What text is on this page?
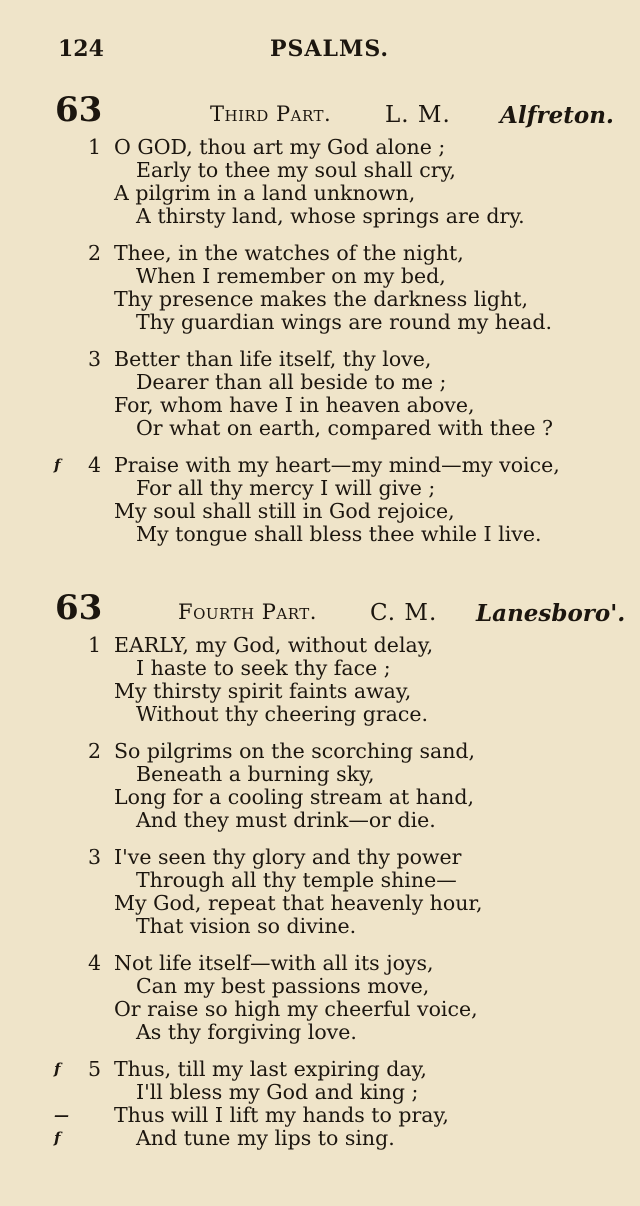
124	PSALMS.
63	Third Part. L. M. Alfreton.
1 O GOD, thou art my God alone ;
Early to thee my soul shall cry,
A pilgrim in a land unknown,
A thirsty land, whose springs are dry.
2 Thee, in the watches of the night,
When I remember on my bed,
Thy presence makes the darkness light,
Thy guardian wings are round my head.
3 Better than life itself, thy love,
Dearer than all beside to me ;
For, whom have I in heaven above,
Or what on earth, compared with thee ?
f 4 Praise with my heart—my mind—my voice,
For all thy mercy I will give ;
My soul shall still in God rejoice,
My tongue shall bless thee while I live.
63	Fourth Part. C. M. Lanesboro'.
1 EARLY, my God, without delay,
I haste to seek thy face ;
My thirsty spirit faints away,
Without thy cheering grace.
2 So pilgrims on the scorching sand,
Beneath a burning sky,
Long for a cooling stream at hand,
And they must drink—or die.
3 I've seen thy glory and thy power
Through all thy temple shine—
My God, repeat that heavenly hour,
That vision so divine.
4 Not life itself—with all its joys,
Can my best passions move,
Or raise so high my cheerful voice,
As thy forgiving love.
f 5 Thus, till my last expiring day,
I'll bless my God and king ;
— Thus will I lift my hands to pray,
f	And tune my lips to sing.
